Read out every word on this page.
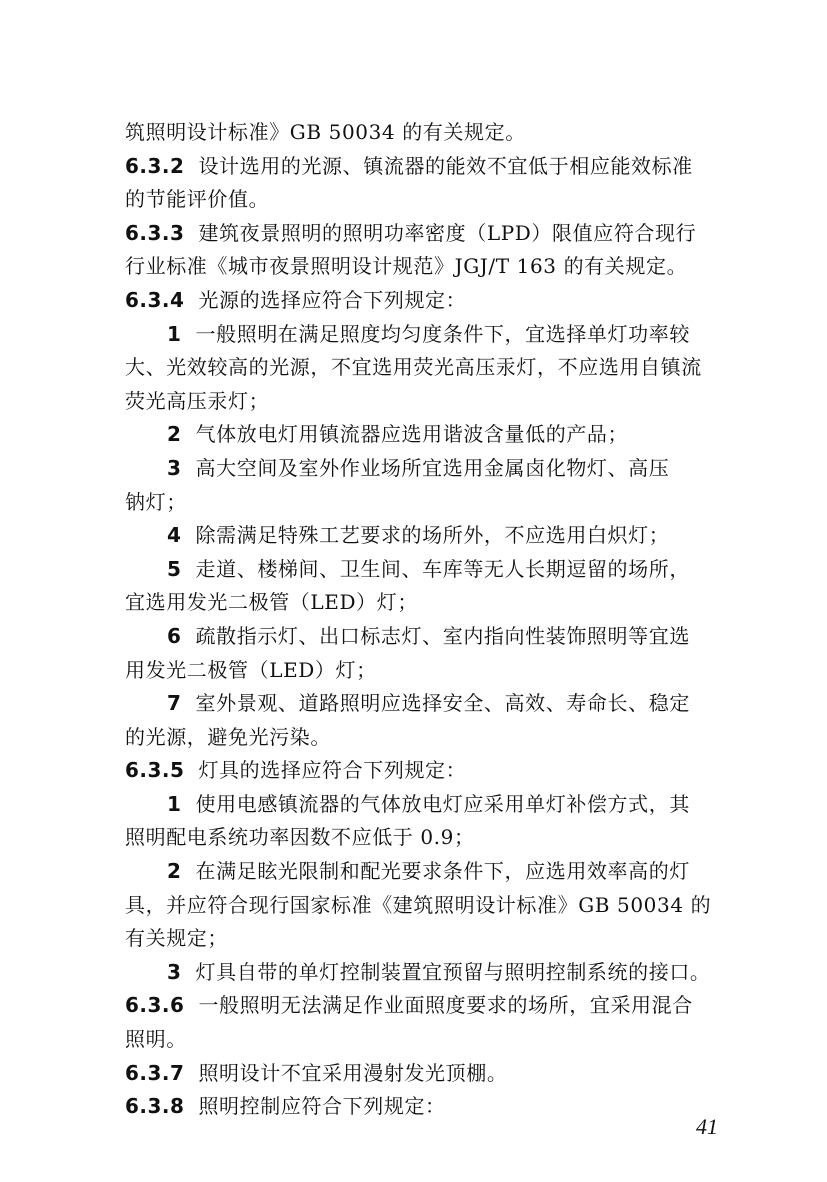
筑照明设计标准》GB 50034 的有关规定。
6.3.2 设计选用的光源、镇流器的能效不宜低于相应能效标准
的节能评价值。
6.3.3 建筑夜景照明的照明功率密度（LPD）限值应符合现行
行业标准《城市夜景照明设计规范》JGJ/T 163 的有关规定。
6.3.4 光源的选择应符合下列规定：
1 一般照明在满足照度均匀度条件下，宜选择单灯功率较
大、光效较高的光源，不宜选用荧光高压汞灯，不应选用自镇流
荧光高压汞灯；
2 气体放电灯用镇流器应选用谐波含量低的产品；
3 高大空间及室外作业场所宜选用金属卤化物灯、高压
钠灯；
4 除需满足特殊工艺要求的场所外，不应选用白炽灯；
5 走道、楼梯间、卫生间、车库等无人长期逗留的场所，
宜选用发光二极管（LED）灯；
6 疏散指示灯、出口标志灯、室内指向性装饰照明等宜选
用发光二极管（LED）灯；
7 室外景观、道路照明应选择安全、高效、寿命长、稳定
的光源，避免光污染。
6.3.5 灯具的选择应符合下列规定：
1 使用电感镇流器的气体放电灯应采用单灯补偿方式，其
照明配电系统功率因数不应低于 0.9；
2 在满足眩光限制和配光要求条件下，应选用效率高的灯
具，并应符合现行国家标准《建筑照明设计标准》GB 50034 的
有关规定；
3 灯具自带的单灯控制装置宜预留与照明控制系统的接口。
6.3.6 一般照明无法满足作业面照度要求的场所，宜采用混合
照明。
6.3.7 照明设计不宜采用漫射发光顶棚。
6.3.8 照明控制应符合下列规定：
41
